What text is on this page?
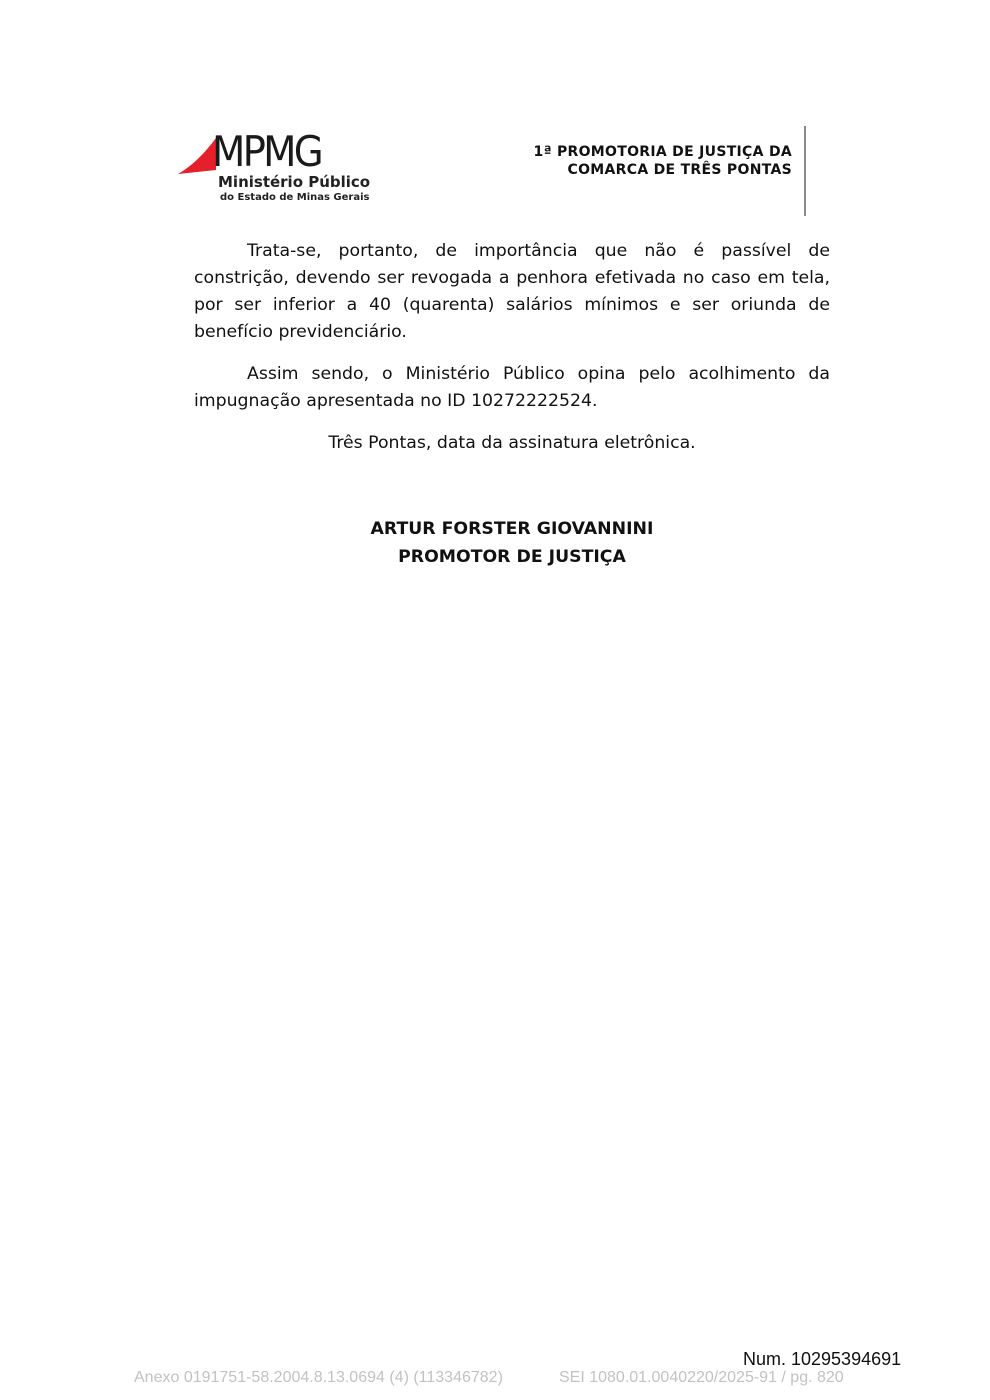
MPMG
Ministério Público
do Estado de Minas Gerais
1ª PROMOTORIA DE JUSTIÇA DA
COMARCA DE TRÊS PONTAS

Trata-se, portanto, de importância que não é passível de constrição, devendo ser revogada a penhora efetivada no caso em tela, por ser inferior a 40 (quarenta) salários mínimos e ser oriunda de benefício previdenciário.

Assim sendo, o Ministério Público opina pelo acolhimento da impugnação apresentada no ID 10272222524.

Três Pontas, data da assinatura eletrônica.

ARTUR FORSTER GIOVANNINI
PROMOTOR DE JUSTIÇA
Num. 10295394691
Anexo 0191751-58.2004.8.13.0694 (4) (113346782)	SEI 1080.01.0040220/2025-91 / pg. 820
